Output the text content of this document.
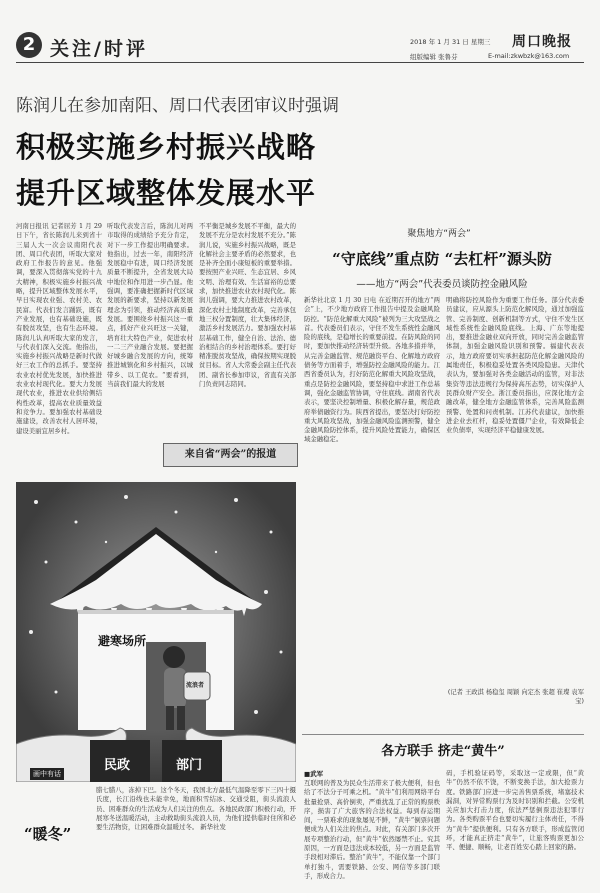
2 关注/时评	2018 年 1 月 31 日 星期三 周口晚报
组版编辑 张鲁芬	E-mail:zkwbzk@163.com
陈润儿在参加南阳、周口代表团审议时强调
积极实施乡村振兴战略
提升区域整体发展水平
河南日报讯 记者屈芳 1 月 29 日下午，省长陈润儿来到省十三届人大一次会议南阳代表团、周口代表团，听取大家对政府工作报告的意见。他强调，要深入贯彻落实党的十九大精神，积极实施乡村振兴战略，提升区域整体发展水平，早日实现农业强、农村美、农民富。代表们发言踊跃，既有产业发展，也有基础设施，既有脱贫攻坚，也有生态环境。陈润儿认真听取大家的发言，与代表们深入交流。他指出，实施乡村振兴战略是新时代做好三农工作的总抓手。要坚持农业农村优先发展，加快推进农业农村现代化。要大力发展现代农业，推进农业供给侧结构性改革，提高农业质量效益和竞争力。要加强农村基础设施建设，改善农村人居环境，建设美丽宜居乡村。
听取代表发言后，陈润儿对两市取得的成绩给予充分肯定，对下一步工作提出明确要求。他指出，过去一年，南阳经济发展稳中有进，周口经济发展质量不断提升，全省发展大局中地位和作用进一步凸显。他强调，要准确把握新时代区域发展的新要求，坚持以新发展理念为引领，推动经济高质量发展。要围绕乡村振兴这一重点，抓好产业兴旺这一关键，培育壮大特色产业，促进农村一二三产业融合发展。要把握好城乡融合发展的方向，统筹推进城镇化和乡村振兴，以城带乡、以工促农。“要看到，当前我们最大的发展
不平衡是城乡发展不平衡，最大的发展不充分是农村发展不充分。”陈润儿说，实施乡村振兴战略，既是化解社会主要矛盾的必然要求，也是补齐全面小康短板的重要举措。要按照产业兴旺、生态宜居、乡风文明、治理有效、生活富裕的总要求，加快推进农业农村现代化。陈润儿强调，要大力推进农村改革，深化农村土地制度改革，完善承包地三权分置制度，壮大集体经济，激活乡村发展活力。要加强农村基层基础工作，健全自治、法治、德治相结合的乡村治理体系。要打好精准脱贫攻坚战，确保按期实现脱贫目标。省人大常委会副主任代表团、副省长参加审议，省直有关部门负责同志陪同。
来自省“两会”的报道
避寒场所
流浪者
民政	部门
画中有话
“暖冬”
腊七腊八，冻掉下巴。这个冬天，我国北方最低气温降至零下三四十摄氏度，长江沿线也未能幸免，地面积雪结冰、交通受阻，街头流浪人员、困难群众的生活成为人们关注的焦点。各地民政部门积极行动，开展寒冬送温暖活动，主动救助街头流浪人员，为他们提供临时住所和必要生活物资，让困难群众温暖过冬。 新华社发
聚焦地方“两会”
“守底线”重点防 “去杠杆”源头防
——地方“两会”代表委员谈防控金融风险
新华社北京 1 月 30 日电 在近期召开的地方“两会”上，不少地方政府工作报告中提及金融风险防控。“防范化解重大风险”被列为三大攻坚战之首。代表委员们表示，守住不发生系统性金融风险的底线，是稳增长的重要前提。在防风险的同时，要加快推动经济转型升级。各地多措并举，从完善金融监管、规范融资平台、化解地方政府债务等方面着手，增强防控金融风险的能力。江西省委员认为，打好防范化解重大风险攻坚战，重点是防控金融风险，要坚持稳中求进工作总基调，强化金融监管协调，守住底线。湖南省代表表示，要坚决控制增量、积极化解存量，规范政府举债融资行为。陕西省提出，要坚决打好防控重大风险攻坚战，加强金融风险监测预警，健全金融风险防控体系，提升风险处置能力，确保区域金融稳定。
明确将防控风险作为重要工作任务。部分代表委员建议，应从源头上防范化解风险，通过加强监管、完善制度、创新机制等方式，守住不发生区域性系统性金融风险底线。上海、广东等地提出，要推进金融业双向开放，同时完善金融监管体制，加强金融风险识别和预警。福建代表表示，地方政府要切实承担起防范化解金融风险的属地责任，积极稳妥处置各类风险隐患。天津代表认为，要加强对各类金融活动的监管，对非法集资等违法违规行为保持高压态势，切实保护人民群众财产安全。浙江委员指出，应深化地方金融改革，健全地方金融监管体系，完善风险监测预警、处置和问责机制。江苏代表建议，加快推进企业去杠杆，稳妥处置僵尸企业，有效降低企业负债率，实现经济平稳健康发展。
(记者 王政淇 杨稳玺 周颖 向定杰 张超 崔璨 袁军宝)
各方联手 挤走“黄牛”
■武军
互联网的普及为民众生活带来了极大便利，但也给了不法分子可乘之机。“黄牛”们利用网络平台批量抢票、高价倒卖，严重扰乱了正常的购票秩序，损害了广大旅客的合法权益。每到春运期间，一票难求的现象屡见不鲜，“黄牛”倒票问题便成为人们关注的焦点。对此，有关部门多次开展专项整治行动，但“黄牛”依然屡禁不止。究其原因，一方面是违法成本较低，另一方面是监管手段相对滞后。整治“黄牛”，不能仅靠一个部门单打独斗，需要铁路、公安、网信等多部门联手，形成合力。
码，手机验证码等，采取这一定或限，但“黄牛”仍然不依不饶，不断变换手法，加大抢票力度。铁路部门应进一步完善售票系统，堵塞技术漏洞，对异常购票行为及时识别和拦截。公安机关应加大打击力度，依法严惩倒票违法犯罪行为。各类购票平台也要切实履行主体责任，不得为“黄牛”提供便利。只有各方联手，形成监管闭环，才能真正挤走“黄牛”，让旅客购票更加公平、便捷、顺畅，让老百姓安心踏上回家的路。
